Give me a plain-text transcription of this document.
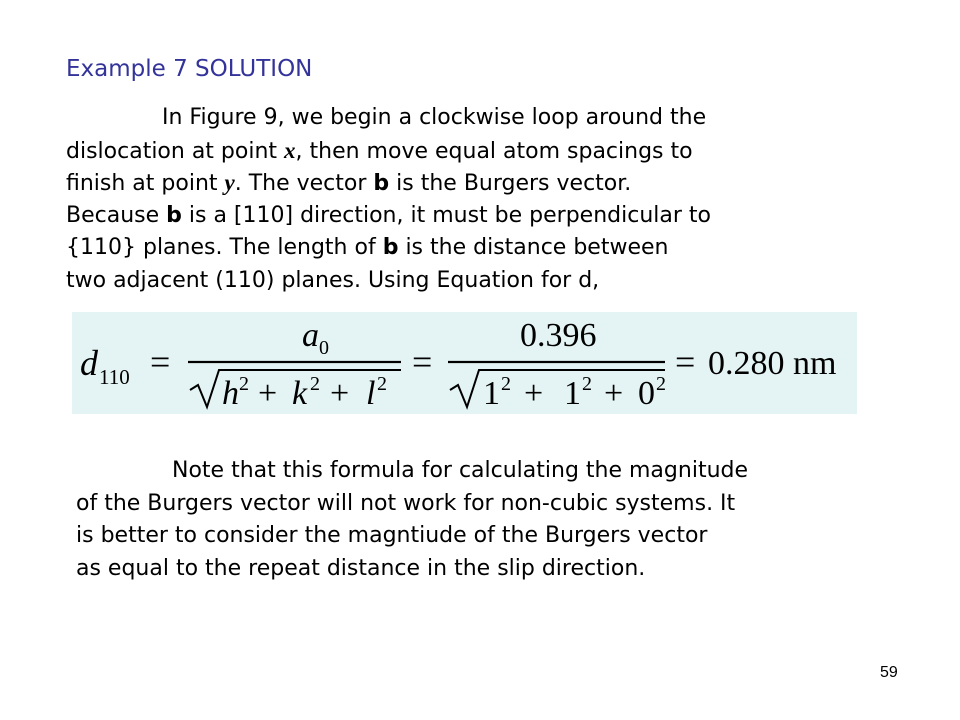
Example 7 SOLUTION
In Figure 9, we begin a clockwise loop around the
dislocation at point x, then move equal atom spacings to
finish at point y. The vector b is the Burgers vector.
Because b is a [110] direction, it must be perpendicular to
{110} planes. The length of b is the distance between
two adjacent (110) planes. Using Equation for d,
d 110 =
a 0
h 2 + k 2 + l 2
=
0.396
1 2 + 1 2 + 0 2
= 0.280 nm
Note that this formula for calculating the magnitude
of the Burgers vector will not work for non-cubic systems. It
is better to consider the magntiude of the Burgers vector
as equal to the repeat distance in the slip direction.
59
